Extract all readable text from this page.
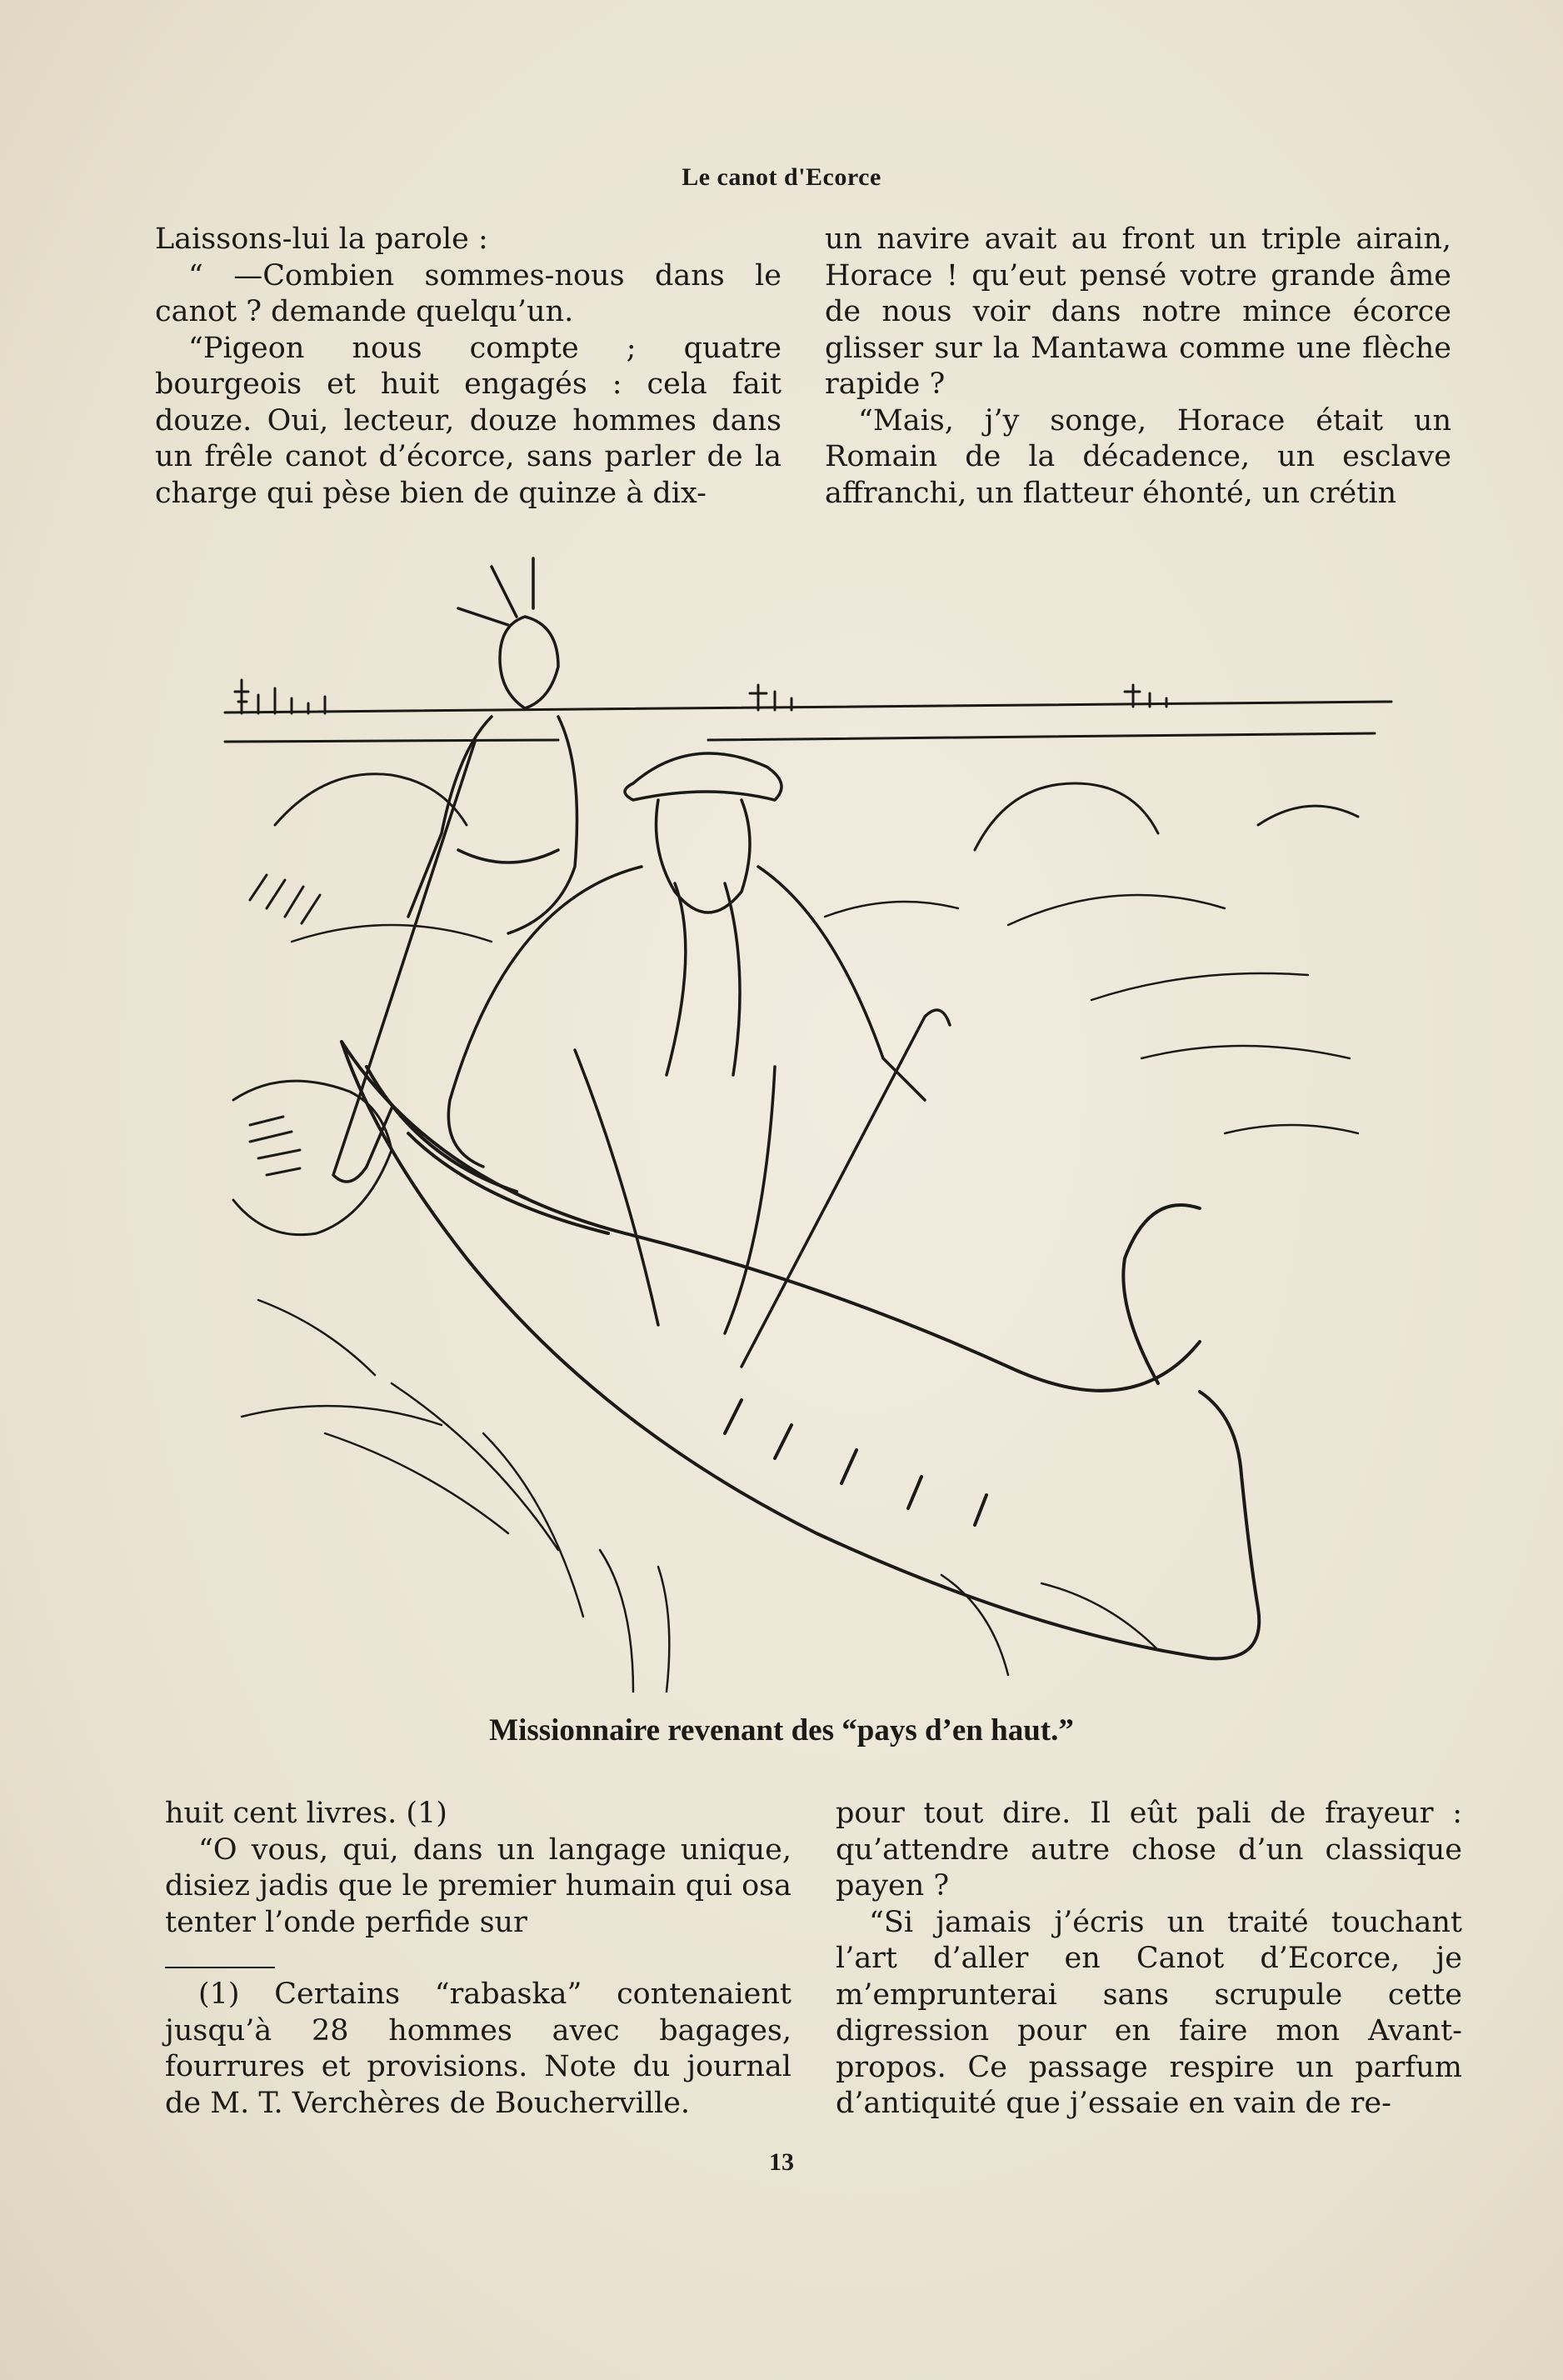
Le canot d'Ecorce

Laissons-lui la parole :

“ —Combien sommes-nous dans le canot ? demande quelqu’un.

“Pigeon nous compte ; quatre bourgeois et huit engagés : cela fait douze. Oui, lecteur, douze hommes dans un frêle canot d’écorce, sans parler de la charge qui pèse bien de quinze à dix-

un navire avait au front un triple airain, Horace ! qu’eut pensé votre grande âme de nous voir dans notre mince écorce glisser sur la Mantawa comme une flèche rapide ?

“Mais, j’y songe, Horace était un Romain de la décadence, un esclave affranchi, un flatteur éhonté, un crétin

Missionnaire revenant des “pays d’en haut.”

huit cent livres. (1)

“O vous, qui, dans un langage unique, disiez jadis que le premier humain qui osa tenter l’onde perfide sur

(1) Certains “rabaska” contenaient jusqu’à 28 hommes avec bagages, fourrures et provisions. Note du journal de M. T. Verchères de Boucherville.

pour tout dire. Il eût pali de frayeur : qu’attendre autre chose d’un classique payen ?

“Si jamais j’écris un traité touchant l’art d’aller en Canot d’Ecorce, je m’emprunterai sans scrupule cette digression pour en faire mon Avant-propos. Ce passage respire un parfum d’antiquité que j’essaie en vain de re-

13
